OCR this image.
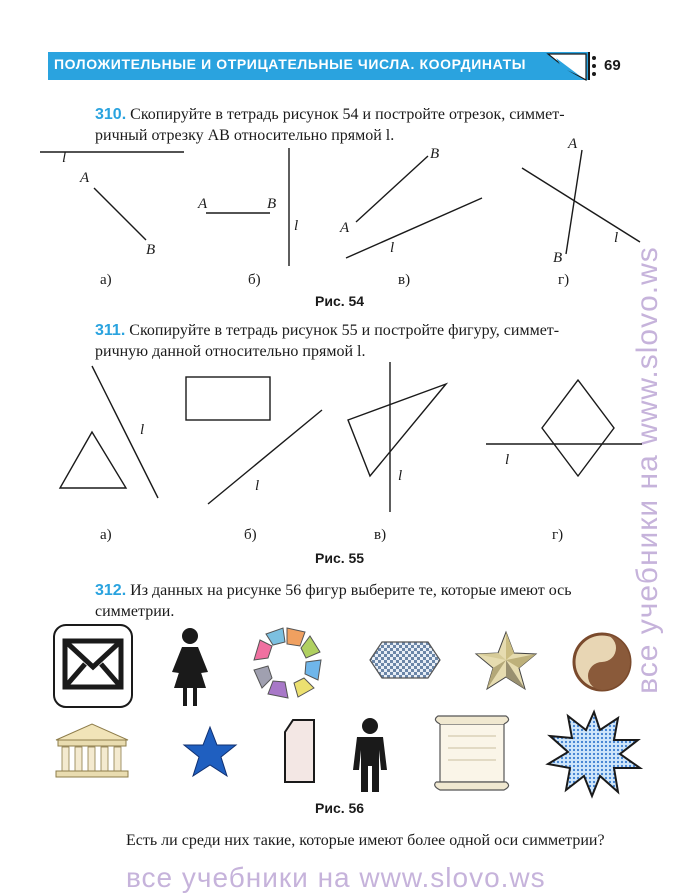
ПОЛОЖИТЕЛЬНЫЕ И ОТРИЦАТЕЛЬНЫЕ ЧИСЛА. КООРДИНАТЫ	69
310. Скопируйте в тетрадь рисунок 54 и постройте отрезок, симмет-
ричный отрезку AB относительно прямой l.
311. Скопируйте в тетрадь рисунок 55 и постройте фигуру, симмет-
ричную данной относительно прямой l.
312. Из данных на рисунке 56 фигур выберите те, которые имеют ось
симметрии.
Рис. 54
Рис. 55
Рис. 56
а)	б)	в)	г)
а)	б)	в)	г)
l
A
B
A	B
l
B
A
l
A
B
l
l
l
l
l
Есть ли среди них такие, которые имеют более одной оси симметрии?
все учебники на www.slovo.ws
все учебники на www.slovo.ws
